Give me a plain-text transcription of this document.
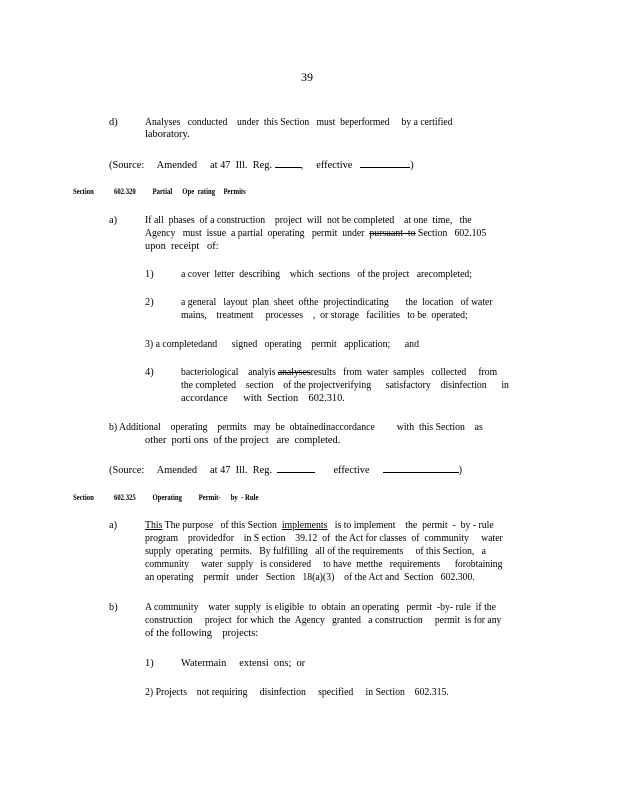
39
d)	Analyses   conducted    under  this Section   must  beperformed     by a certified
laboratory.
(Source:     Amended     at 47  Ill.  Reg.	, effective	)
Section 602.320 Partial      Ope  rating     Permits
a)	If all  phases  of a construction    project  will  not be completed    at one  time,   the
Agency   must  issue  a partial  operating   permit  under pursuant  to Section   602.105
upon  receipt   of:
1)	a cover  letter  describing    which  sections   of the project   arecompleted;
2)	a general   layout  plan  sheet  ofthe  projectindicating       the  location   of water
mains,    treatment     processes    ,  or storage   facilities   to be  operated;
3) a completedand      signed   operating    permit   application;      and
4)	bacteriological    analyis analysesresults   from  water  samples   collected     from
the completed    section    of the projectverifying      satisfactory    disinfection      in
accordance      with  Section    602.310.
b) Additional    operating    permits   may  be  obtainedinaccordance         with  this Section    as
other  porti ons  of the project   are  completed.
(Source:     Amended     at 47  Ill.  Reg.	effective	)
Section 602.325 Operating          Permit-      by  - Rule
a)	This The purpose   of this Section implements   is to implement    the  permit  -  by - rule
program    providedfor    in S ection    39.12  of  the Act for classes  of  community     water
supply  operating   permits.   By fulfilling   all of the requirements     of this Section,   a
community     water  supply   is considered     to have  metthe   requirements      forobtaining
an operating    permit   under   Section   18(a)(3)    of the Act and  Section   602.300.
b)	A community    water  supply  is eligible  to  obtain  an operating   permit  -by- rule  if the
construction     project  for which  the  Agency   granted   a construction     permit  is for any
of the following    projects:
1)	Watermain     extensi  ons;  or
2) Projects    not requiring     disinfection     specified     in Section    602.315.
